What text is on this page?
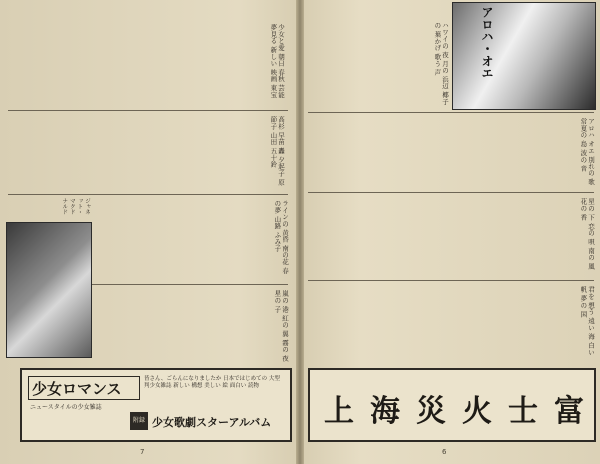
少女と愛 朝日 春秋 芸能 夢見る 新しい 映画 東宝
高杉 早苗 轟 夕起子 原 節子 山田 五十鈴
ラインの 黄昏 南の花 春の夢 山路 ふみ子
嵐の 港 紅の 翼 霧の 夜 星の 子
ジャネット・マクドナルド
少女ロマンス
ニュースタイルの少女雑誌
皆さん、ごらんになりましたか 日本ではじめての 大型判少女雑誌 新しい 構想 美しい 絵 面白い 読物
附録 少女歌劇スターアルバム
7
アロハ・オエ
ハワイの 夜 月の 浜辺 椰子の 葉かげ 歌う 声
アロハ オエ 別れの 歌 常夏の 島 波の 音
星の 下 恋の 唄 南の 風 花の 香
君を 想う 遠い 海 白い 帆 夢の 国
上海災火士富
6
